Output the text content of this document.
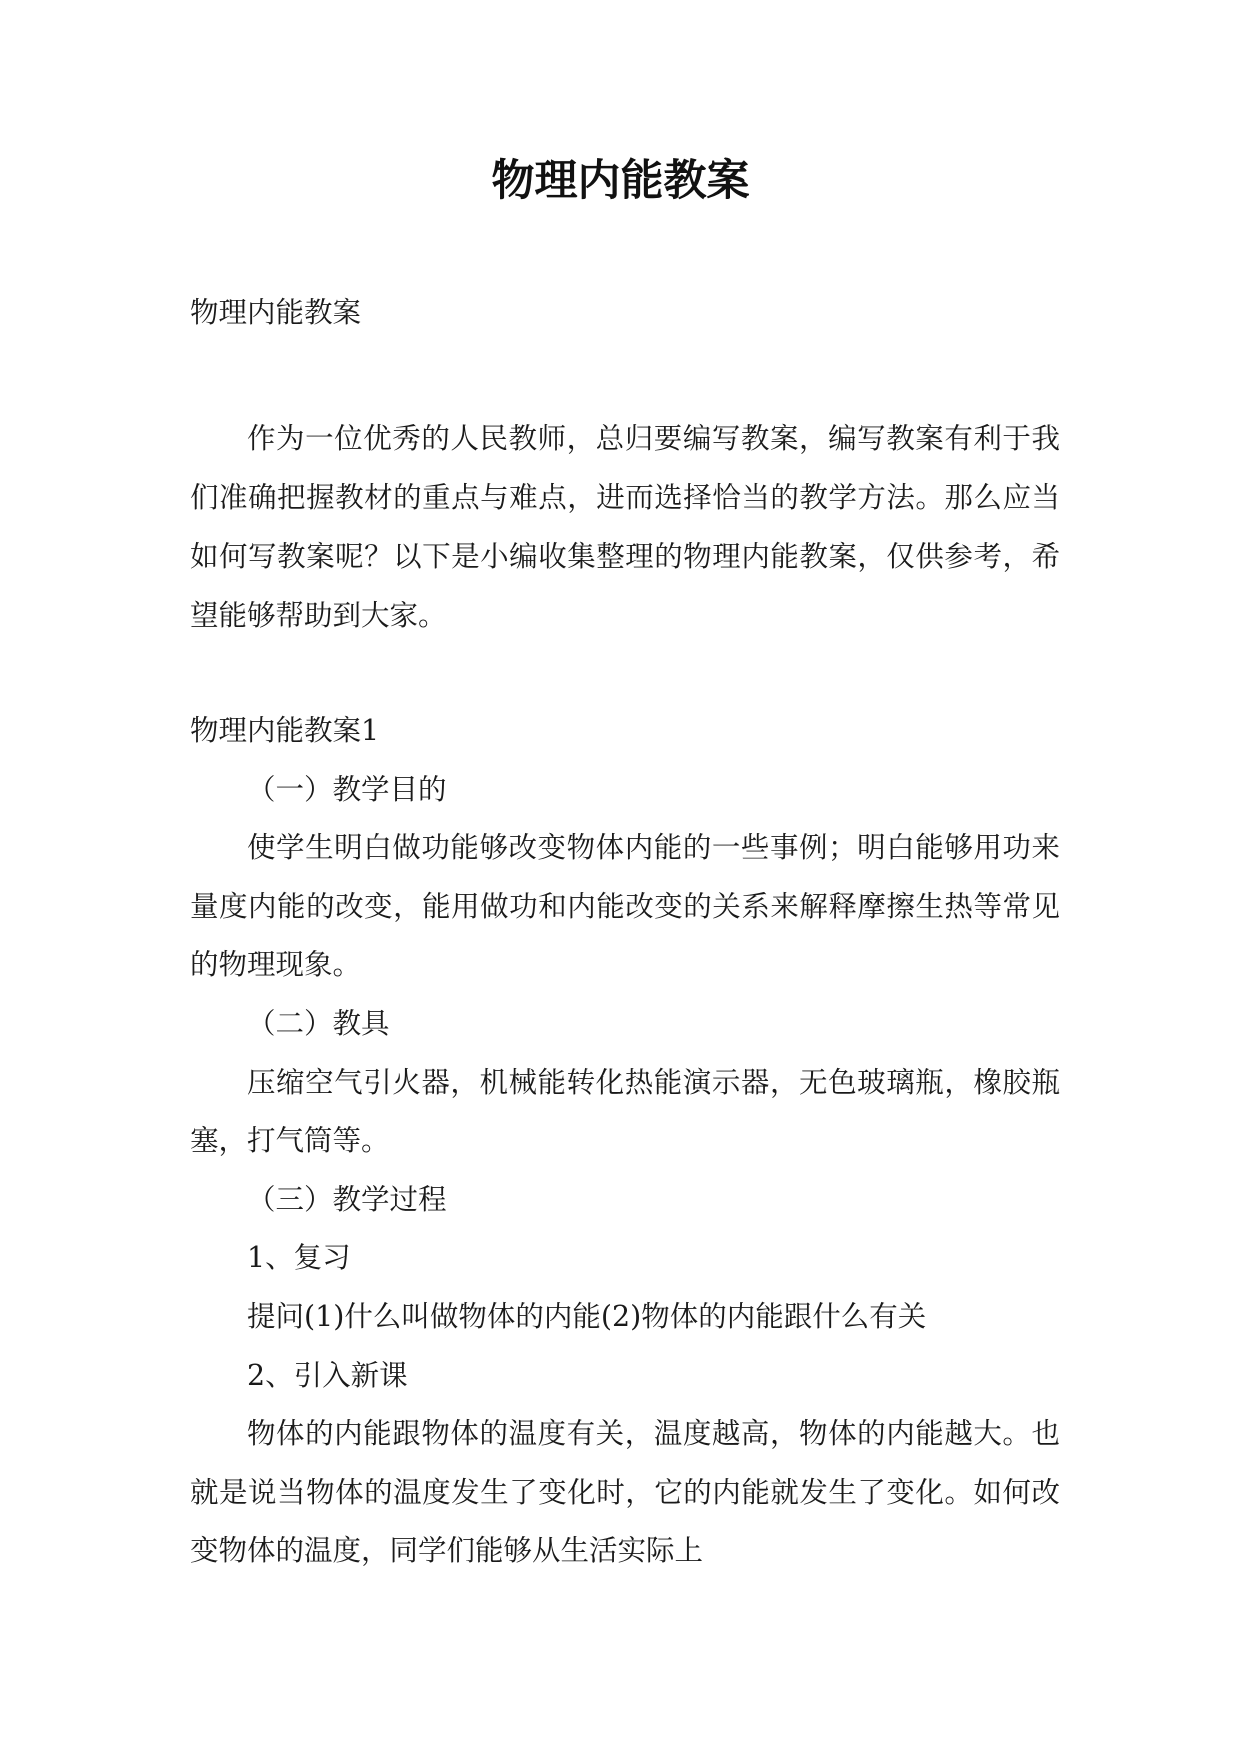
物理内能教案
物理内能教案

作为一位优秀的人民教师，总归要编写教案，编写教案有利于我们准确把握教材的重点与难点，进而选择恰当的教学方法。那么应当如何写教案呢？以下是小编收集整理的物理内能教案，仅供参考，希望能够帮助到大家。

物理内能教案1

（一）教学目的

使学生明白做功能够改变物体内能的一些事例；明白能够用功来量度内能的改变，能用做功和内能改变的关系来解释摩擦生热等常见的物理现象。

（二）教具

压缩空气引火器，机械能转化热能演示器，无色玻璃瓶，橡胶瓶塞，打气筒等。

（三）教学过程

1、复习

提问(1)什么叫做物体的内能(2)物体的内能跟什么有关

2、引入新课

物体的内能跟物体的温度有关，温度越高，物体的内能越大。也就是说当物体的温度发生了变化时，它的内能就发生了变化。如何改变物体的温度，同学们能够从生活实际上
